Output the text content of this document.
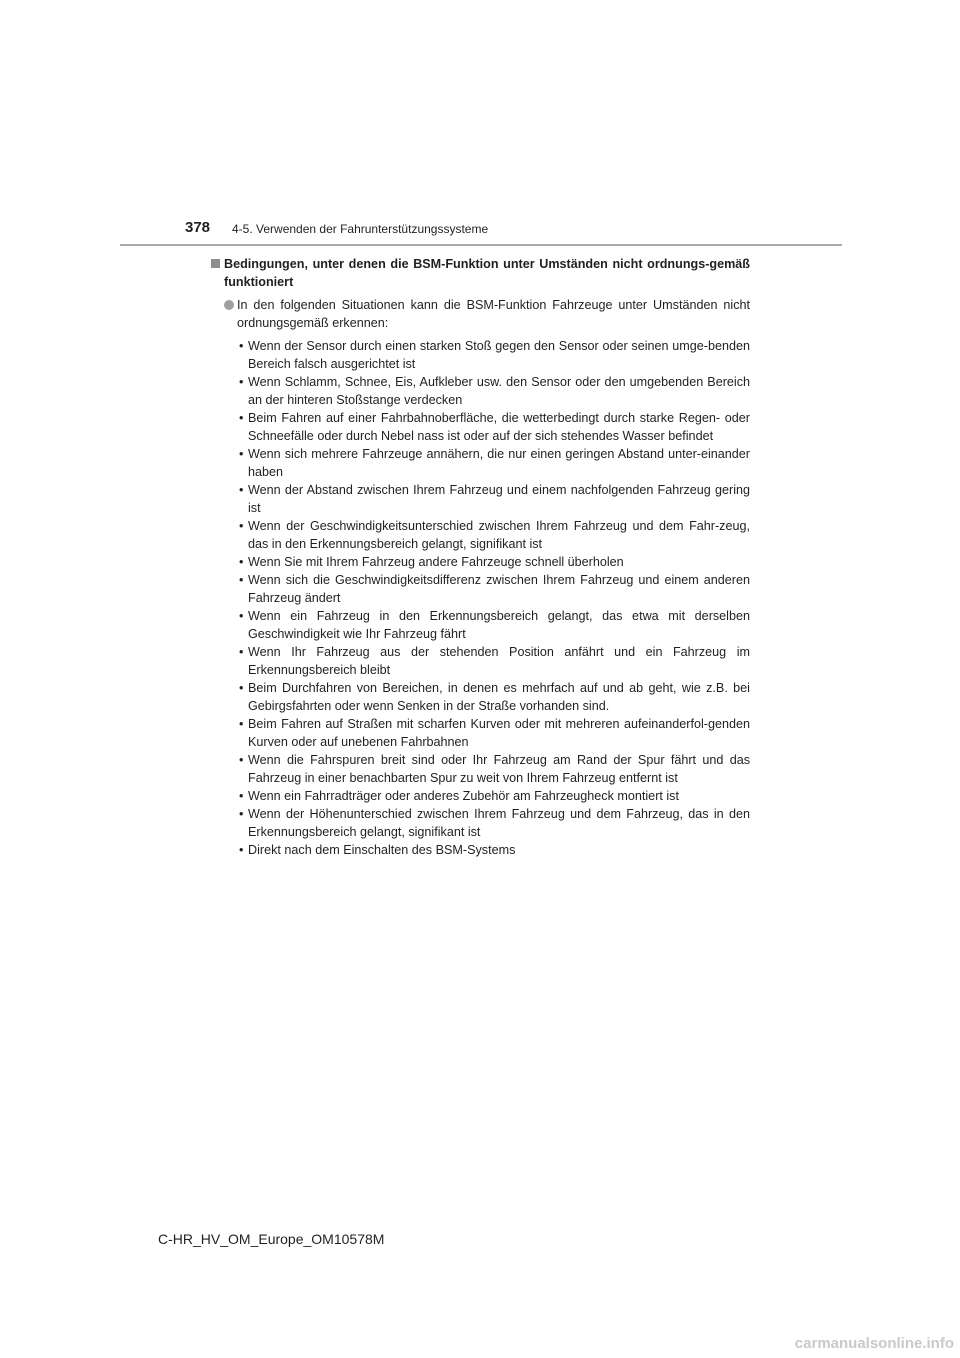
378 4-5. Verwenden der Fahrunterstützungssysteme
Bedingungen, unter denen die BSM-Funktion unter Umständen nicht ordnungs-gemäß funktioniert
In den folgenden Situationen kann die BSM-Funktion Fahrzeuge unter Umständen nicht ordnungsgemäß erkennen:
• Wenn der Sensor durch einen starken Stoß gegen den Sensor oder seinen umge-benden Bereich falsch ausgerichtet ist
• Wenn Schlamm, Schnee, Eis, Aufkleber usw. den Sensor oder den umgebenden Bereich an der hinteren Stoßstange verdecken
• Beim Fahren auf einer Fahrbahnoberfläche, die wetterbedingt durch starke Regen- oder Schneefälle oder durch Nebel nass ist oder auf der sich stehendes Wasser befindet
• Wenn sich mehrere Fahrzeuge annähern, die nur einen geringen Abstand unter-einander haben
• Wenn der Abstand zwischen Ihrem Fahrzeug und einem nachfolgenden Fahrzeug gering ist
• Wenn der Geschwindigkeitsunterschied zwischen Ihrem Fahrzeug und dem Fahr-zeug, das in den Erkennungsbereich gelangt, signifikant ist
• Wenn Sie mit Ihrem Fahrzeug andere Fahrzeuge schnell überholen
• Wenn sich die Geschwindigkeitsdifferenz zwischen Ihrem Fahrzeug und einem anderen Fahrzeug ändert
• Wenn ein Fahrzeug in den Erkennungsbereich gelangt, das etwa mit derselben Geschwindigkeit wie Ihr Fahrzeug fährt
• Wenn Ihr Fahrzeug aus der stehenden Position anfährt und ein Fahrzeug im Erkennungsbereich bleibt
• Beim Durchfahren von Bereichen, in denen es mehrfach auf und ab geht, wie z.B. bei Gebirgsfahrten oder wenn Senken in der Straße vorhanden sind.
• Beim Fahren auf Straßen mit scharfen Kurven oder mit mehreren aufeinanderfol-genden Kurven oder auf unebenen Fahrbahnen
• Wenn die Fahrspuren breit sind oder Ihr Fahrzeug am Rand der Spur fährt und das Fahrzeug in einer benachbarten Spur zu weit von Ihrem Fahrzeug entfernt ist
• Wenn ein Fahrradträger oder anderes Zubehör am Fahrzeugheck montiert ist
• Wenn der Höhenunterschied zwischen Ihrem Fahrzeug und dem Fahrzeug, das in den Erkennungsbereich gelangt, signifikant ist
• Direkt nach dem Einschalten des BSM-Systems
C-HR_HV_OM_Europe_OM10578M
carmanualsonline.info
